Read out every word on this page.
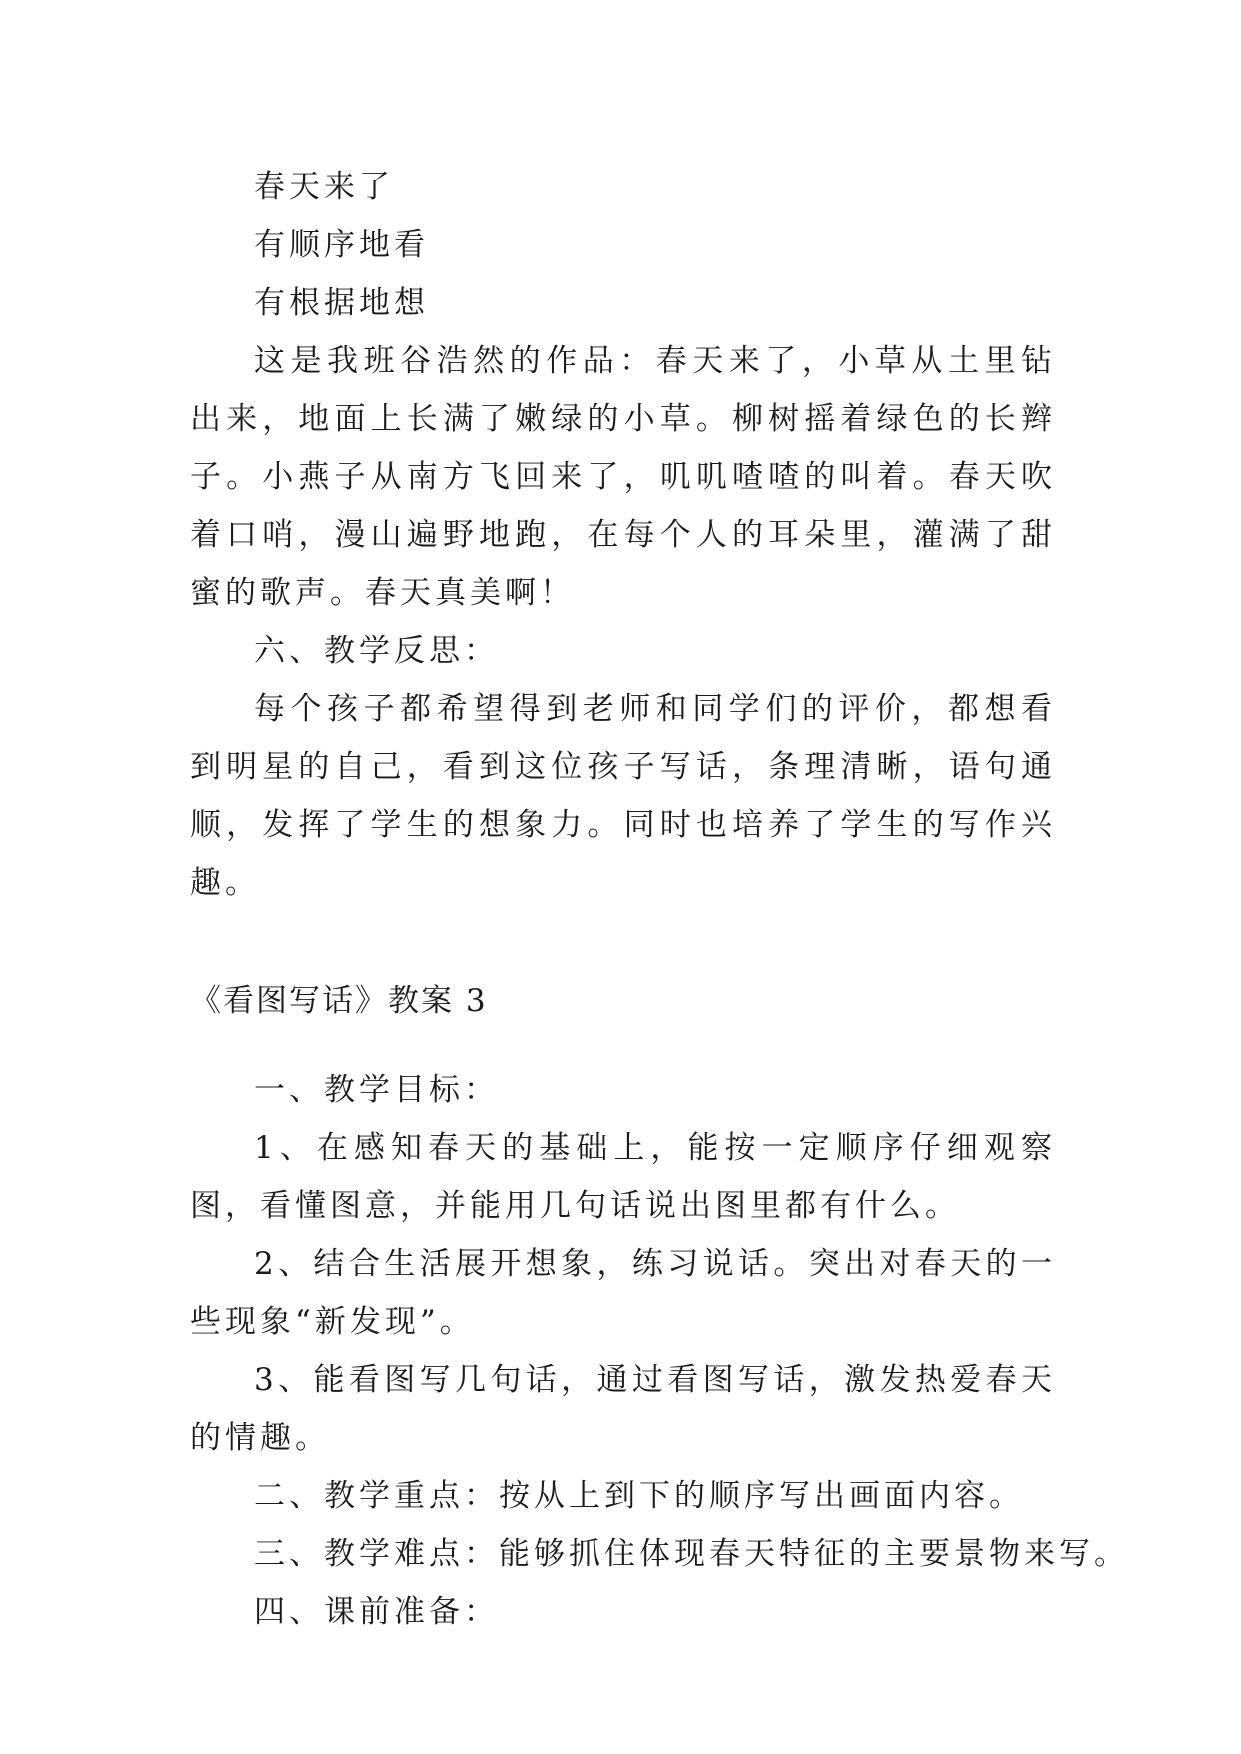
春天来了

有顺序地看

有根据地想

这是我班谷浩然的作品：春天来了，小草从土里钻出来，地面上长满了嫩绿的小草。柳树摇着绿色的长辫子。小燕子从南方飞回来了，叽叽喳喳的叫着。春天吹着口哨，漫山遍野地跑，在每个人的耳朵里，灌满了甜蜜的歌声。春天真美啊！

六、教学反思：

每个孩子都希望得到老师和同学们的评价，都想看到明星的自己，看到这位孩子写话，条理清晰，语句通顺，发挥了学生的想象力。同时也培养了学生的写作兴趣。

《看图写话》教案 3

一、教学目标：

1、在感知春天的基础上，能按一定顺序仔细观察图，看懂图意，并能用几句话说出图里都有什么。

2、结合生活展开想象，练习说话。突出对春天的一些现象“新发现”。

3、能看图写几句话，通过看图写话，激发热爱春天的情趣。

二、教学重点：按从上到下的顺序写出画面内容。

三、教学难点：能够抓住体现春天特征的主要景物来写。

四、课前准备：
